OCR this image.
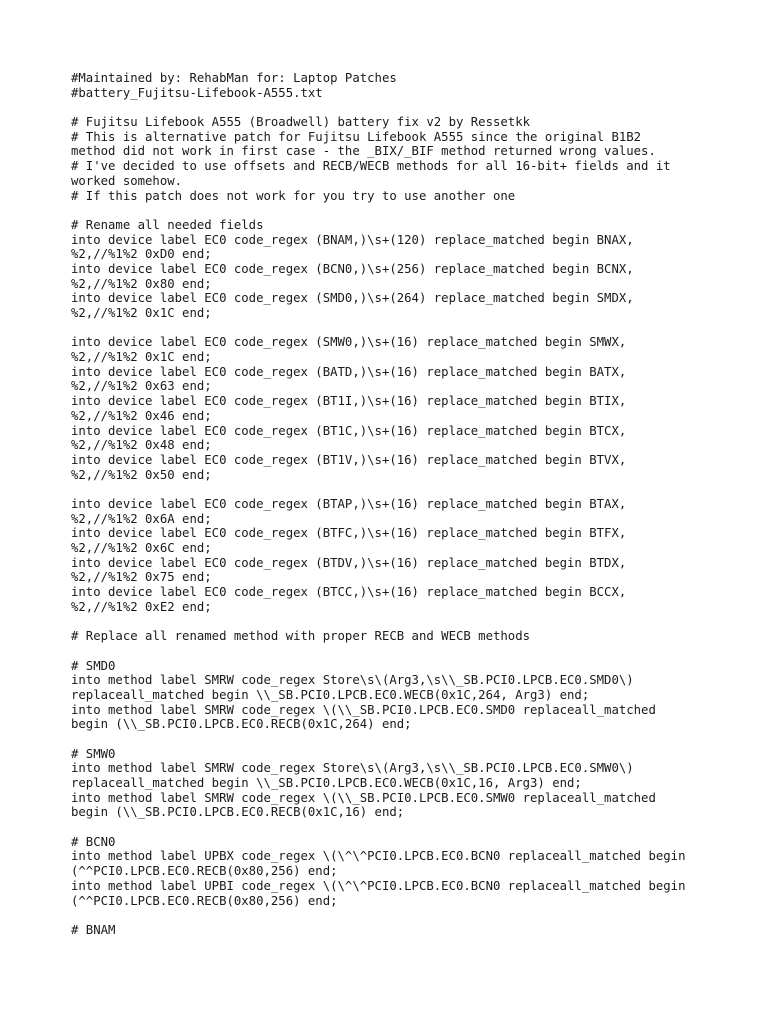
#Maintained by: RehabMan for: Laptop Patches
#battery_Fujitsu-Lifebook-A555.txt
# Fujitsu Lifebook A555 (Broadwell) battery fix v2 by Ressetkk
# This is alternative patch for Fujitsu Lifebook A555 since the original B1B2
method did not work in first case - the _BIX/_BIF method returned wrong values.
# I've decided to use offsets and RECB/WECB methods for all 16-bit+ fields and it
worked somehow.
# If this patch does not work for you try to use another one
# Rename all needed fields
into device label EC0 code_regex (BNAM,)\s+(120) replace_matched begin BNAX,
%2,//%1%2 0xD0 end;
into device label EC0 code_regex (BCN0,)\s+(256) replace_matched begin BCNX,
%2,//%1%2 0x80 end;
into device label EC0 code_regex (SMD0,)\s+(264) replace_matched begin SMDX,
%2,//%1%2 0x1C end;
into device label EC0 code_regex (SMW0,)\s+(16) replace_matched begin SMWX,
%2,//%1%2 0x1C end;
into device label EC0 code_regex (BATD,)\s+(16) replace_matched begin BATX,
%2,//%1%2 0x63 end;
into device label EC0 code_regex (BT1I,)\s+(16) replace_matched begin BTIX,
%2,//%1%2 0x46 end;
into device label EC0 code_regex (BT1C,)\s+(16) replace_matched begin BTCX,
%2,//%1%2 0x48 end;
into device label EC0 code_regex (BT1V,)\s+(16) replace_matched begin BTVX,
%2,//%1%2 0x50 end;
into device label EC0 code_regex (BTAP,)\s+(16) replace_matched begin BTAX,
%2,//%1%2 0x6A end;
into device label EC0 code_regex (BTFC,)\s+(16) replace_matched begin BTFX,
%2,//%1%2 0x6C end;
into device label EC0 code_regex (BTDV,)\s+(16) replace_matched begin BTDX,
%2,//%1%2 0x75 end;
into device label EC0 code_regex (BTCC,)\s+(16) replace_matched begin BCCX,
%2,//%1%2 0xE2 end;
# Replace all renamed method with proper RECB and WECB methods
# SMD0
into method label SMRW code_regex Store\s\(Arg3,\s\\_SB.PCI0.LPCB.EC0.SMD0\)
replaceall_matched begin \\_SB.PCI0.LPCB.EC0.WECB(0x1C,264, Arg3) end;
into method label SMRW code_regex \(\\_SB.PCI0.LPCB.EC0.SMD0 replaceall_matched
begin (\\_SB.PCI0.LPCB.EC0.RECB(0x1C,264) end;
# SMW0
into method label SMRW code_regex Store\s\(Arg3,\s\\_SB.PCI0.LPCB.EC0.SMW0\)
replaceall_matched begin \\_SB.PCI0.LPCB.EC0.WECB(0x1C,16, Arg3) end;
into method label SMRW code_regex \(\\_SB.PCI0.LPCB.EC0.SMW0 replaceall_matched
begin (\\_SB.PCI0.LPCB.EC0.RECB(0x1C,16) end;
# BCN0
into method label UPBX code_regex \(\^\^PCI0.LPCB.EC0.BCN0 replaceall_matched begin
(^^PCI0.LPCB.EC0.RECB(0x80,256) end;
into method label UPBI code_regex \(\^\^PCI0.LPCB.EC0.BCN0 replaceall_matched begin
(^^PCI0.LPCB.EC0.RECB(0x80,256) end;
# BNAM
